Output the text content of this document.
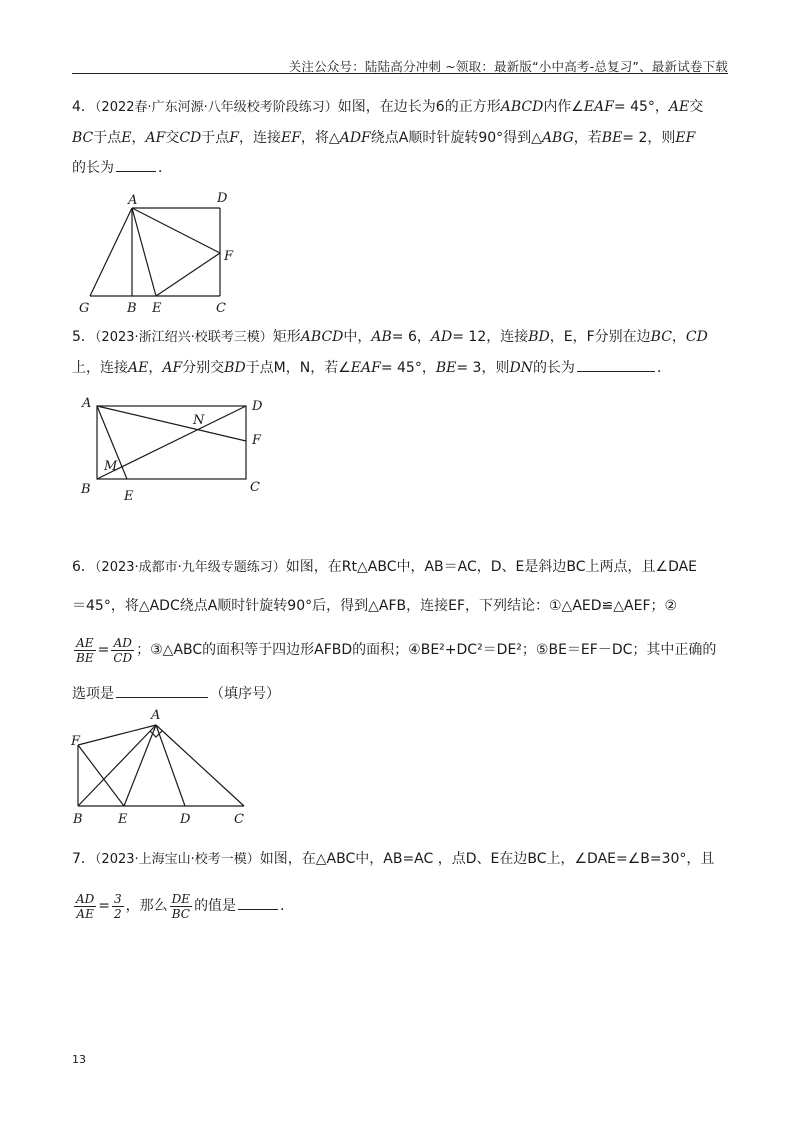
关注公众号：陆陆高分冲刺 ~领取：最新版“小中高考-总复习”、最新试卷下载
4．（2022春·广东河源·八年级校考阶段练习）如图，在边长为6的正方形ABCD内作∠EAF= 45°，AE交
BC于点E，AF交CD于点F，连接EF，将△ADF绕点A顺时针旋转90°得到△ABG，若BE= 2，则EF
的长为	．
A	D
F
G	B E	C
5．（2023·浙江绍兴·校联考三模）矩形ABCD中，AB= 6，AD= 12，连接BD，E，F分别在边BC，CD
上，连接AE，AF分别交BD于点M，N，若∠EAF= 45°，BE= 3，则DN的长为	．
A	D
N
F
M
B	E
C
6．（2023·成都市·九年级专题练习）如图，在Rt△ABC中，AB＝AC，D、E是斜边BC上两点，且∠DAE
＝45°，将△ADC绕点A顺时针旋转90°后，得到△AFB，连接EF，下列结论：①△AED≌△AEF；②

$\frac{AE}{BE} = \frac{AD}{CD}$ ；③△ABC的面积等于四边形AFBD的面积；④BE²+DC²＝DE²；⑤BE＝EF－DC；其中正确的
选项是	（填序号）
A
F
B	E	D	C
7．（2023·上海宝山·校考一模）如图，在△ABC中，AB=AC ，点D、E在边BC上，∠DAE=∠B=30°，且

$\frac{AD}{AE} = \frac{3}{2}$ ，那么 $\frac{DE}{BC}$ 的值是	．
13
